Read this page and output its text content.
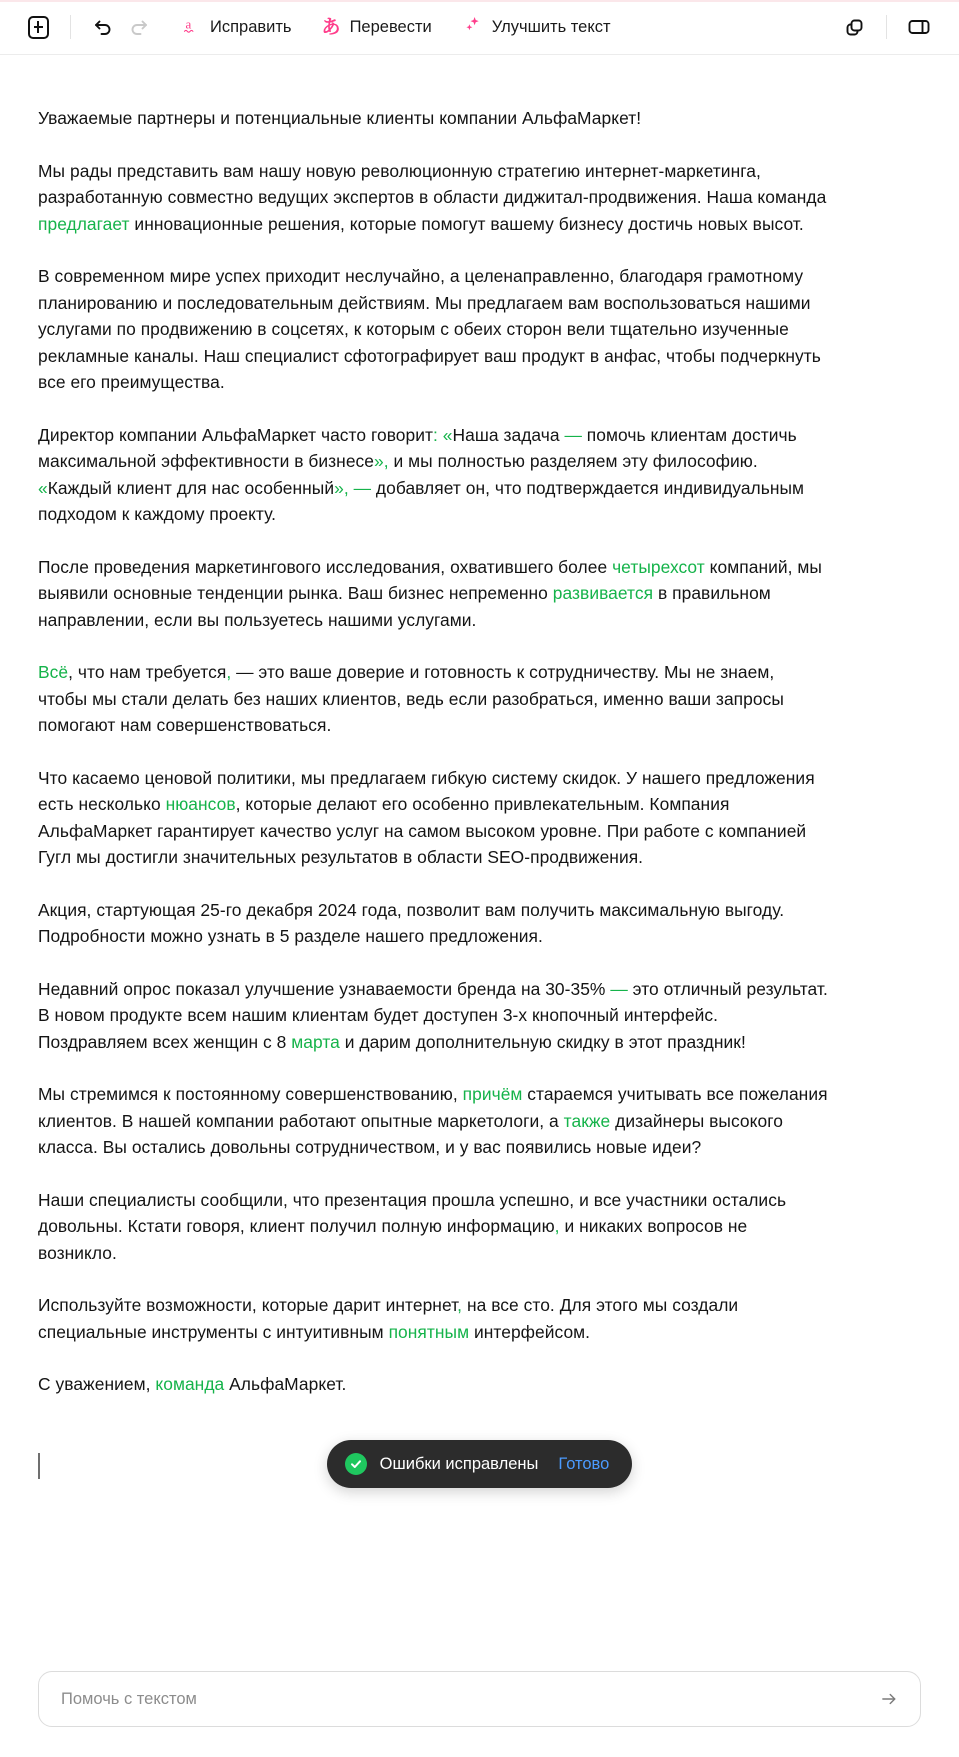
a Исправить あ Перевести	Улучшить текст

Уважаемые партнеры и потенциальные клиенты компании АльфаМаркет!

Мы рады представить вам нашу новую революционную стратегию интернет-маркетинга, разработанную совместно ведущих экспертов в области диджитал-продвижения. Наша команда предлагает инновационные решения, которые помогут вашему бизнесу достичь новых высот.

В современном мире успех приходит неслучайно, а целенаправленно, благодаря грамотному планированию и последовательным действиям. Мы предлагаем вам воспользоваться нашими услугами по продвижению в соцсетях, к которым с обеих сторон вели тщательно изученные рекламные каналы. Наш специалист сфотографирует ваш продукт в анфас, чтобы подчеркнуть все его преимущества.

Директор компании АльфаМаркет часто говорит: «Наша задача — помочь клиентам достичь максимальной эффективности в бизнесе», и мы полностью разделяем эту философию. «Каждый клиент для нас особенный», — добавляет он, что подтверждается индивидуальным подходом к каждому проекту.

После проведения маркетингового исследования, охватившего более четырехсот компаний, мы выявили основные тенденции рынка. Ваш бизнес непременно развивается в правильном направлении, если вы пользуетесь нашими услугами.

Всё, что нам требуется, — это ваше доверие и готовность к сотрудничеству. Мы не знаем, чтобы мы стали делать без наших клиентов, ведь если разобраться, именно ваши запросы помогают нам совершенствоваться.

Что касаемо ценовой политики, мы предлагаем гибкую систему скидок. У нашего предложения есть несколько нюансов, которые делают его особенно привлекательным. Компания АльфаМаркет гарантирует качество услуг на самом высоком уровне. При работе с компанией Гугл мы достигли значительных результатов в области SEO-продвижения.

Акция, стартующая 25-го декабря 2024 года, позволит вам получить максимальную выгоду. Подробности можно узнать в 5 разделе нашего предложения.

Недавний опрос показал улучшение узнаваемости бренда на 30-35% — это отличный результат. В новом продукте всем нашим клиентам будет доступен 3-х кнопочный интерфейс. Поздравляем всех женщин с 8 марта и дарим дополнительную скидку в этот праздник!

Мы стремимся к постоянному совершенствованию, причём стараемся учитывать все пожелания клиентов. В нашей компании работают опытные маркетологи, а также дизайнеры высокого класса. Вы остались довольны сотрудничеством, и у вас появились новые идеи?

Наши специалисты сообщили, что презентация прошла успешно, и все участники остались довольны. Кстати говоря, клиент получил полную информацию, и никаких вопросов не возникло.

Используйте возможности, которые дарит интернет, на все сто. Для этого мы создали специальные инструменты с интуитивным понятным интерфейсом.

С уважением, команда АльфаМаркет.

Ошибки исправлены Готово
Помочь с текстом
